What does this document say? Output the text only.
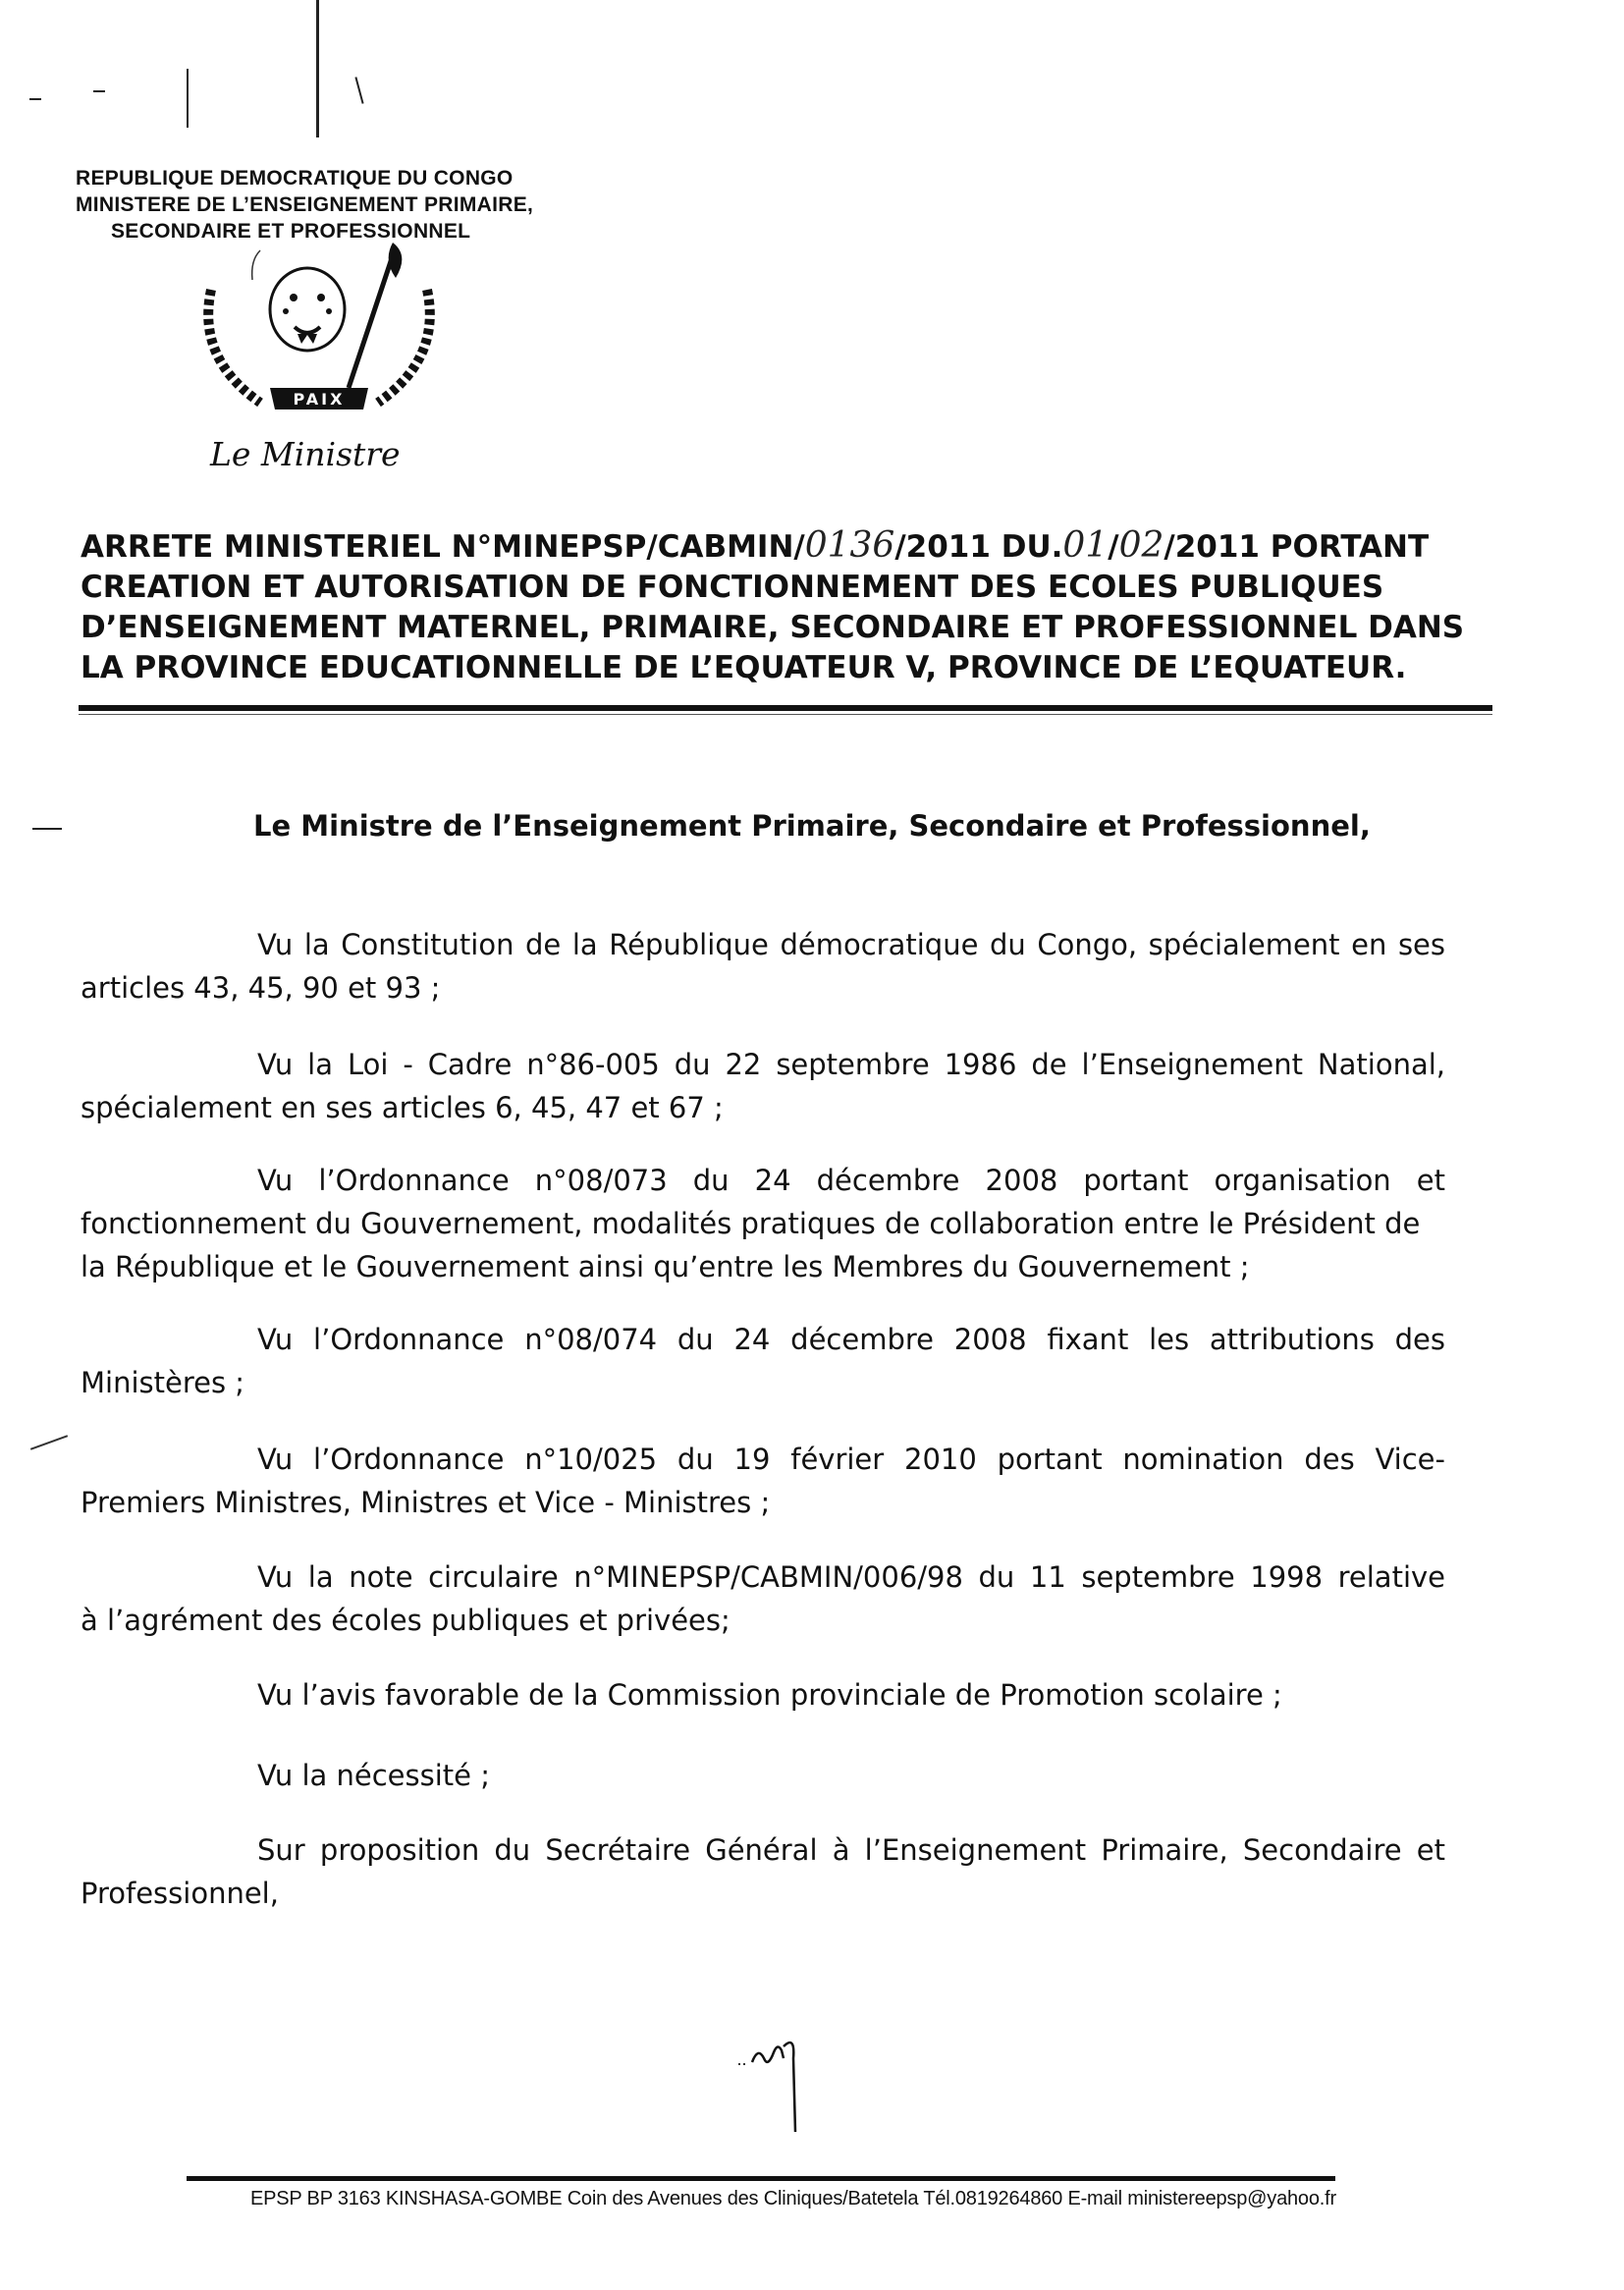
REPUBLIQUE DEMOCRATIQUE DU CONGO
MINISTERE DE L’ENSEIGNEMENT PRIMAIRE,
SECONDAIRE ET PROFESSIONNEL
PAIX
Le Ministre
ARRETE MINISTERIEL N°MINEPSP/CABMIN/0136/2011 DU.01/02/2011 PORTANT
CREATION ET AUTORISATION DE FONCTIONNEMENT DES ECOLES PUBLIQUES
D’ENSEIGNEMENT MATERNEL, PRIMAIRE, SECONDAIRE ET PROFESSIONNEL DANS
LA PROVINCE EDUCATIONNELLE DE L’EQUATEUR V, PROVINCE DE L’EQUATEUR.
Le Ministre de l’Enseignement Primaire, Secondaire et Professionnel,
Vu la Constitution de la République démocratique du Congo, spécialement en ses
articles 43, 45, 90 et 93 ;
Vu la Loi - Cadre n°86-005 du 22 septembre 1986 de l’Enseignement National,
spécialement en ses articles 6, 45, 47 et 67 ;
Vu l’Ordonnance n°08/073 du 24 décembre 2008 portant organisation et
fonctionnement du Gouvernement, modalités pratiques de collaboration entre le Président de la République et le Gouvernement ainsi qu’entre les Membres du Gouvernement ;
Vu l’Ordonnance n°08/074 du 24 décembre 2008 fixant les attributions des
Ministères ;
Vu l’Ordonnance n°10/025 du 19 février 2010 portant nomination des Vice-
Premiers Ministres, Ministres et Vice - Ministres ;
Vu la note circulaire n°MINEPSP/CABMIN/006/98 du 11 septembre 1998 relative
à l’agrément des écoles publiques et privées;
Vu l’avis favorable de la Commission provinciale de Promotion scolaire ;
Vu la nécessité ;
Sur proposition du Secrétaire Général à l’Enseignement Primaire, Secondaire et
Professionnel,
EPSP BP 3163 KINSHASA-GOMBE Coin des Avenues des Cliniques/Batetela Tél.0819264860 E-mail ministereepsp@yahoo.fr
